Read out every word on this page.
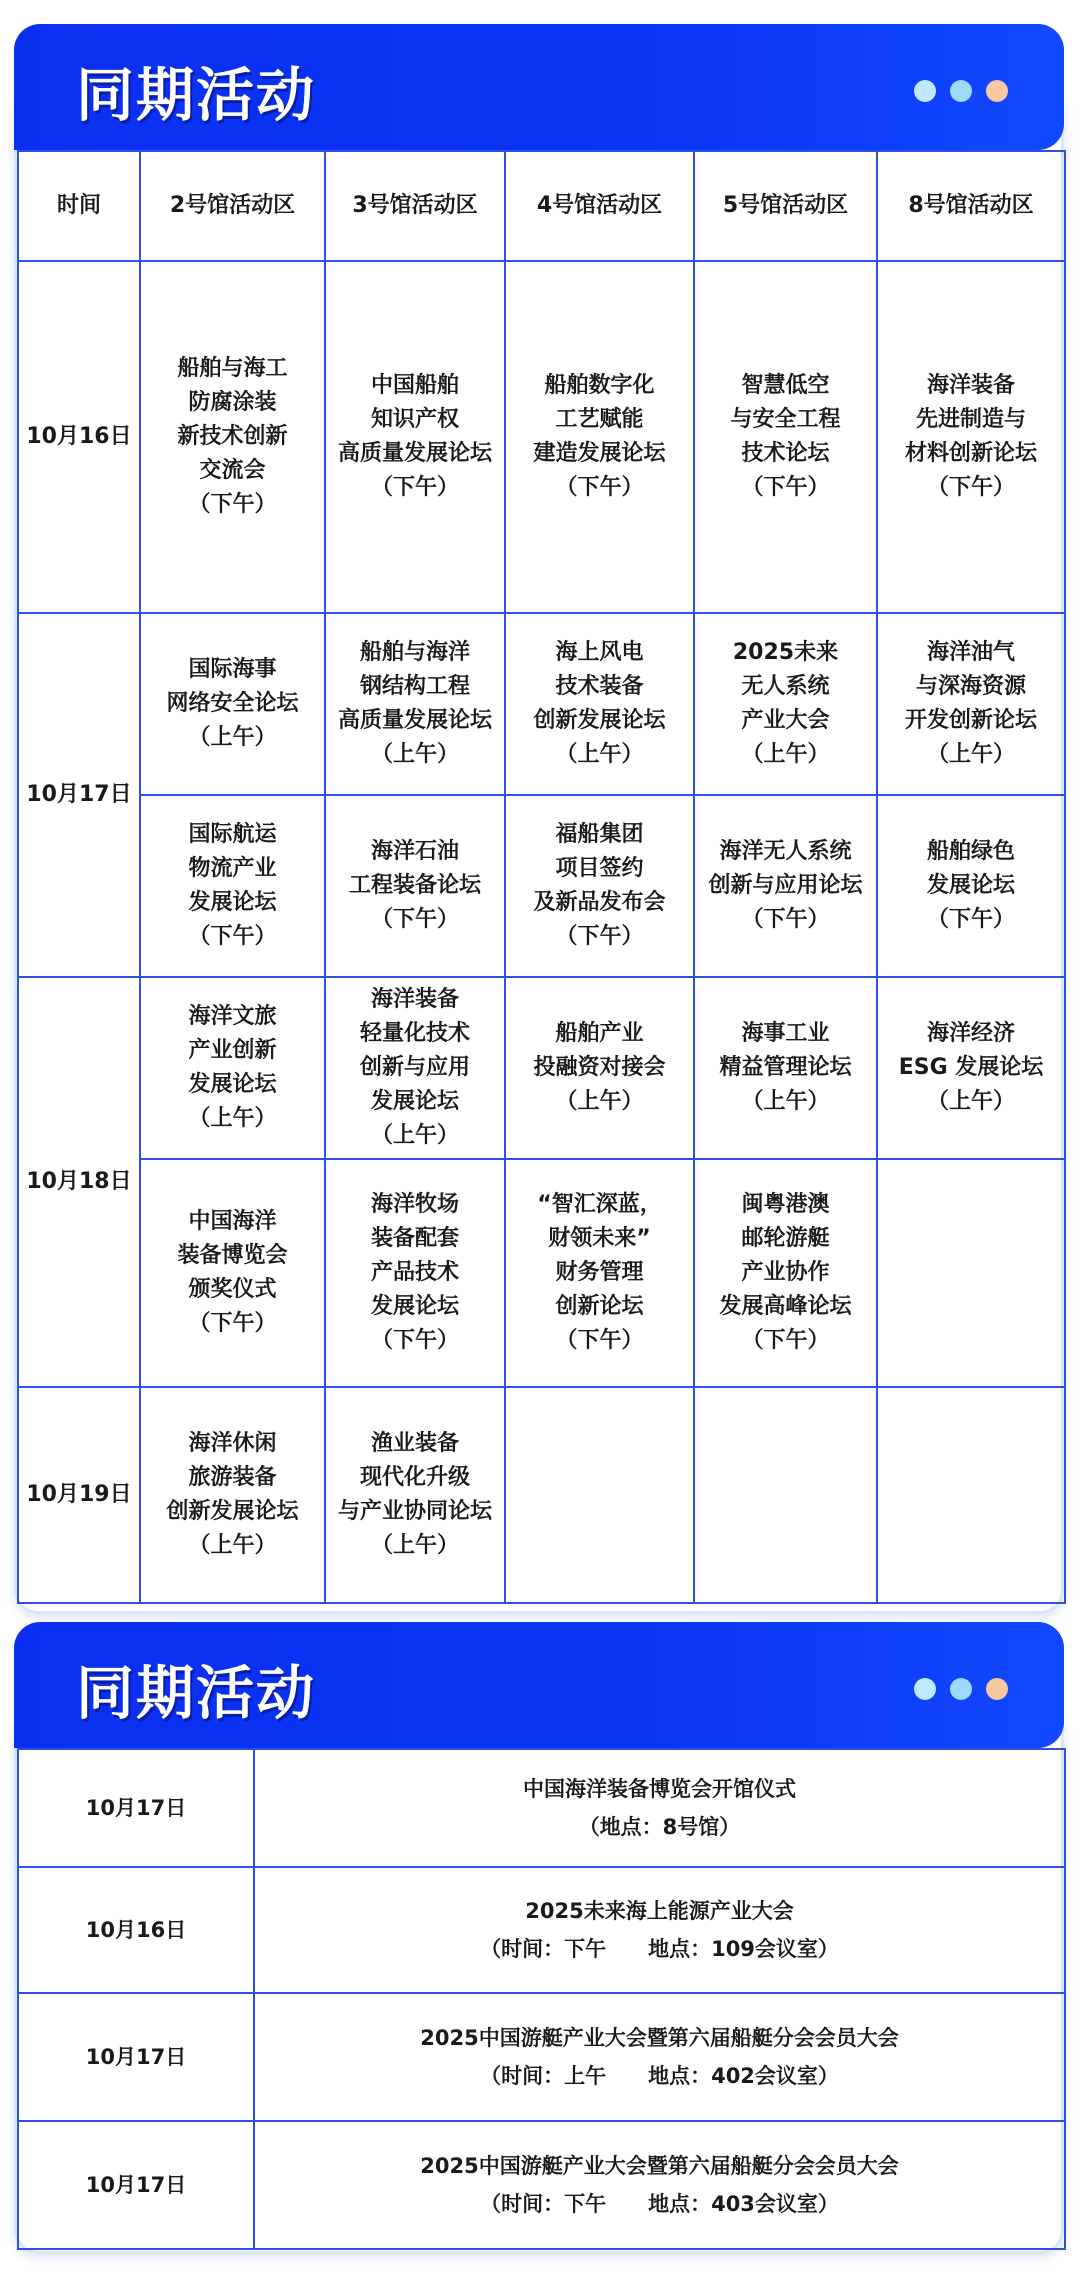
同期活动
时间	2号馆活动区	3号馆活动区	4号馆活动区	5号馆活动区	8号馆活动区
10月16日	船舶与海工
防腐涂装
新技术创新
交流会
（下午）	中国船舶
知识产权
高质量发展论坛
（下午）	船舶数字化
工艺赋能
建造发展论坛
（下午）	智慧低空
与安全工程
技术论坛
（下午）	海洋装备
先进制造与
材料创新论坛
（下午）

10月17日	国际海事
网络安全论坛
（上午）	船舶与海洋
钢结构工程
高质量发展论坛
（上午）	海上风电
技术装备
创新发展论坛
（上午）	2025未来
无人系统
产业大会
（上午）	海洋油气
与深海资源
开发创新论坛
（上午）

	国际航运
物流产业
发展论坛
（下午）	海洋石油
工程装备论坛
（下午）	福船集团
项目签约
及新品发布会
（下午）	海洋无人系统
创新与应用论坛
（下午）	船舶绿色
发展论坛
（下午）

10月18日	海洋文旅
产业创新
发展论坛
（上午）	海洋装备
轻量化技术
创新与应用
发展论坛
（上午）	船舶产业
投融资对接会
（上午）	海事工业
精益管理论坛
（上午）	海洋经济
ESG 发展论坛
（上午）

	中国海洋
装备博览会
颁奖仪式
（下午）	海洋牧场
装备配套
产品技术
发展论坛
（下午）	“智汇深蓝，
财领未来”
财务管理
创新论坛
（下午）	闽粤港澳
邮轮游艇
产业协作
发展高峰论坛
（下午）	

10月19日	海洋休闲
旅游装备
创新发展论坛
（上午）	渔业装备
现代化升级
与产业协同论坛
（上午）			

同期活动
10月17日	中国海洋装备博览会开馆仪式
（地点：8号馆）

10月16日	2025未来海上能源产业大会
（时间：下午　　地点：109会议室）

10月17日	2025中国游艇产业大会暨第六届船艇分会会员大会
（时间：上午　　地点：402会议室）

10月17日	2025中国游艇产业大会暨第六届船艇分会会员大会
（时间：下午　　地点：403会议室）
